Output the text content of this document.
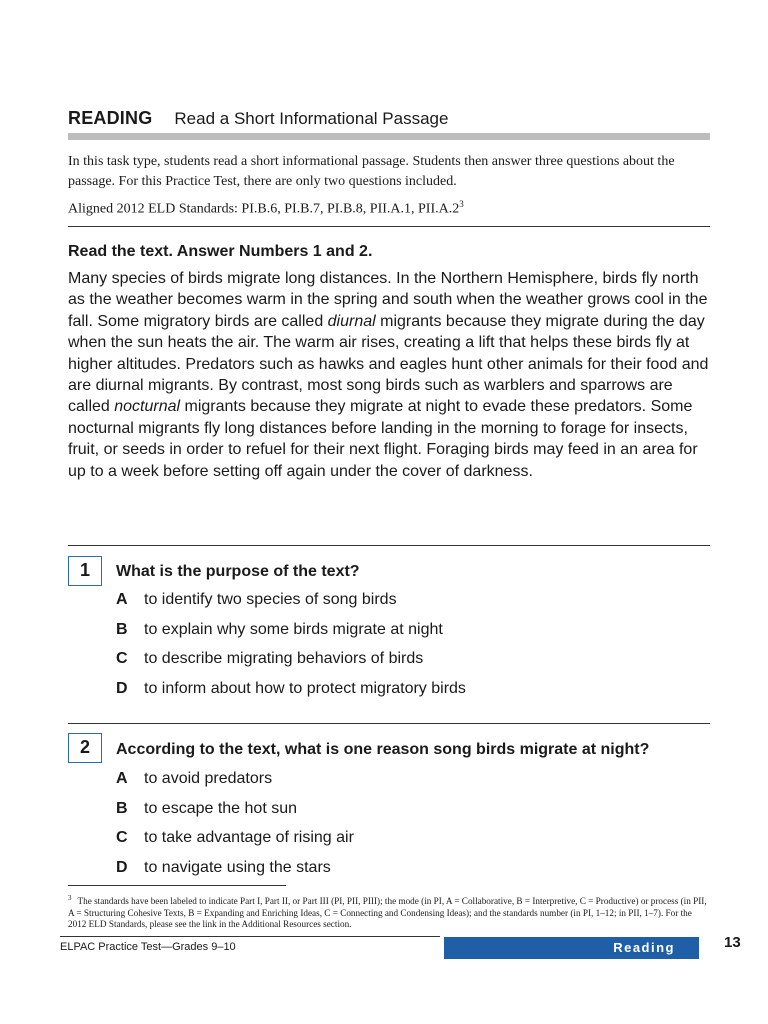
READING Read a Short Informational Passage
In this task type, students read a short informational passage. Students then answer three questions about the passage. For this Practice Test, there are only two questions included.
Aligned 2012 ELD Standards: PI.B.6, PI.B.7, PI.B.8, PII.A.1, $PII.A.2^3$
Read the text. Answer Numbers 1 and 2.
Many species of birds migrate long distances. In the Northern Hemisphere, birds fly north as the weather becomes warm in the spring and south when the weather grows cool in the fall. Some migratory birds are called diurnal migrants because they migrate during the day when the sun heats the air. The warm air rises, creating a lift that helps these birds fly at higher altitudes. Predators such as hawks and eagles hunt other animals for their food and are diurnal migrants. By contrast, most song birds such as warblers and sparrows are called nocturnal migrants because they migrate at night to evade these predators. Some nocturnal migrants fly long distances before landing in the morning to forage for insects, fruit, or seeds in order to refuel for their next flight. Foraging birds may feed in an area for up to a week before setting off again under the cover of darkness.
1	What is the purpose of the text?
A to identify two species of song birds
B to explain why some birds migrate at night
C to describe migrating behaviors of birds
D to inform about how to protect migratory birds
2	According to the text, what is one reason song birds migrate at night?
A to avoid predators
B to escape the hot sun
C to take advantage of rising air
D to navigate using the stars
$^3$ The standards have been labeled to indicate Part I, Part II, or Part III (PI, PII, PIII); the mode (in PI, A = Collaborative, B = Interpretive, C = Productive) or process (in PII, A = Structuring Cohesive Texts, B = Expanding and Enriching Ideas, C = Connecting and Condensing Ideas); and the standards number (in PI, 1–12; in PII, 1–7). For the 2012 ELD Standards, please see the link in the Additional Resources section.
ELPAC Practice Test—Grades 9–10	Reading	13
